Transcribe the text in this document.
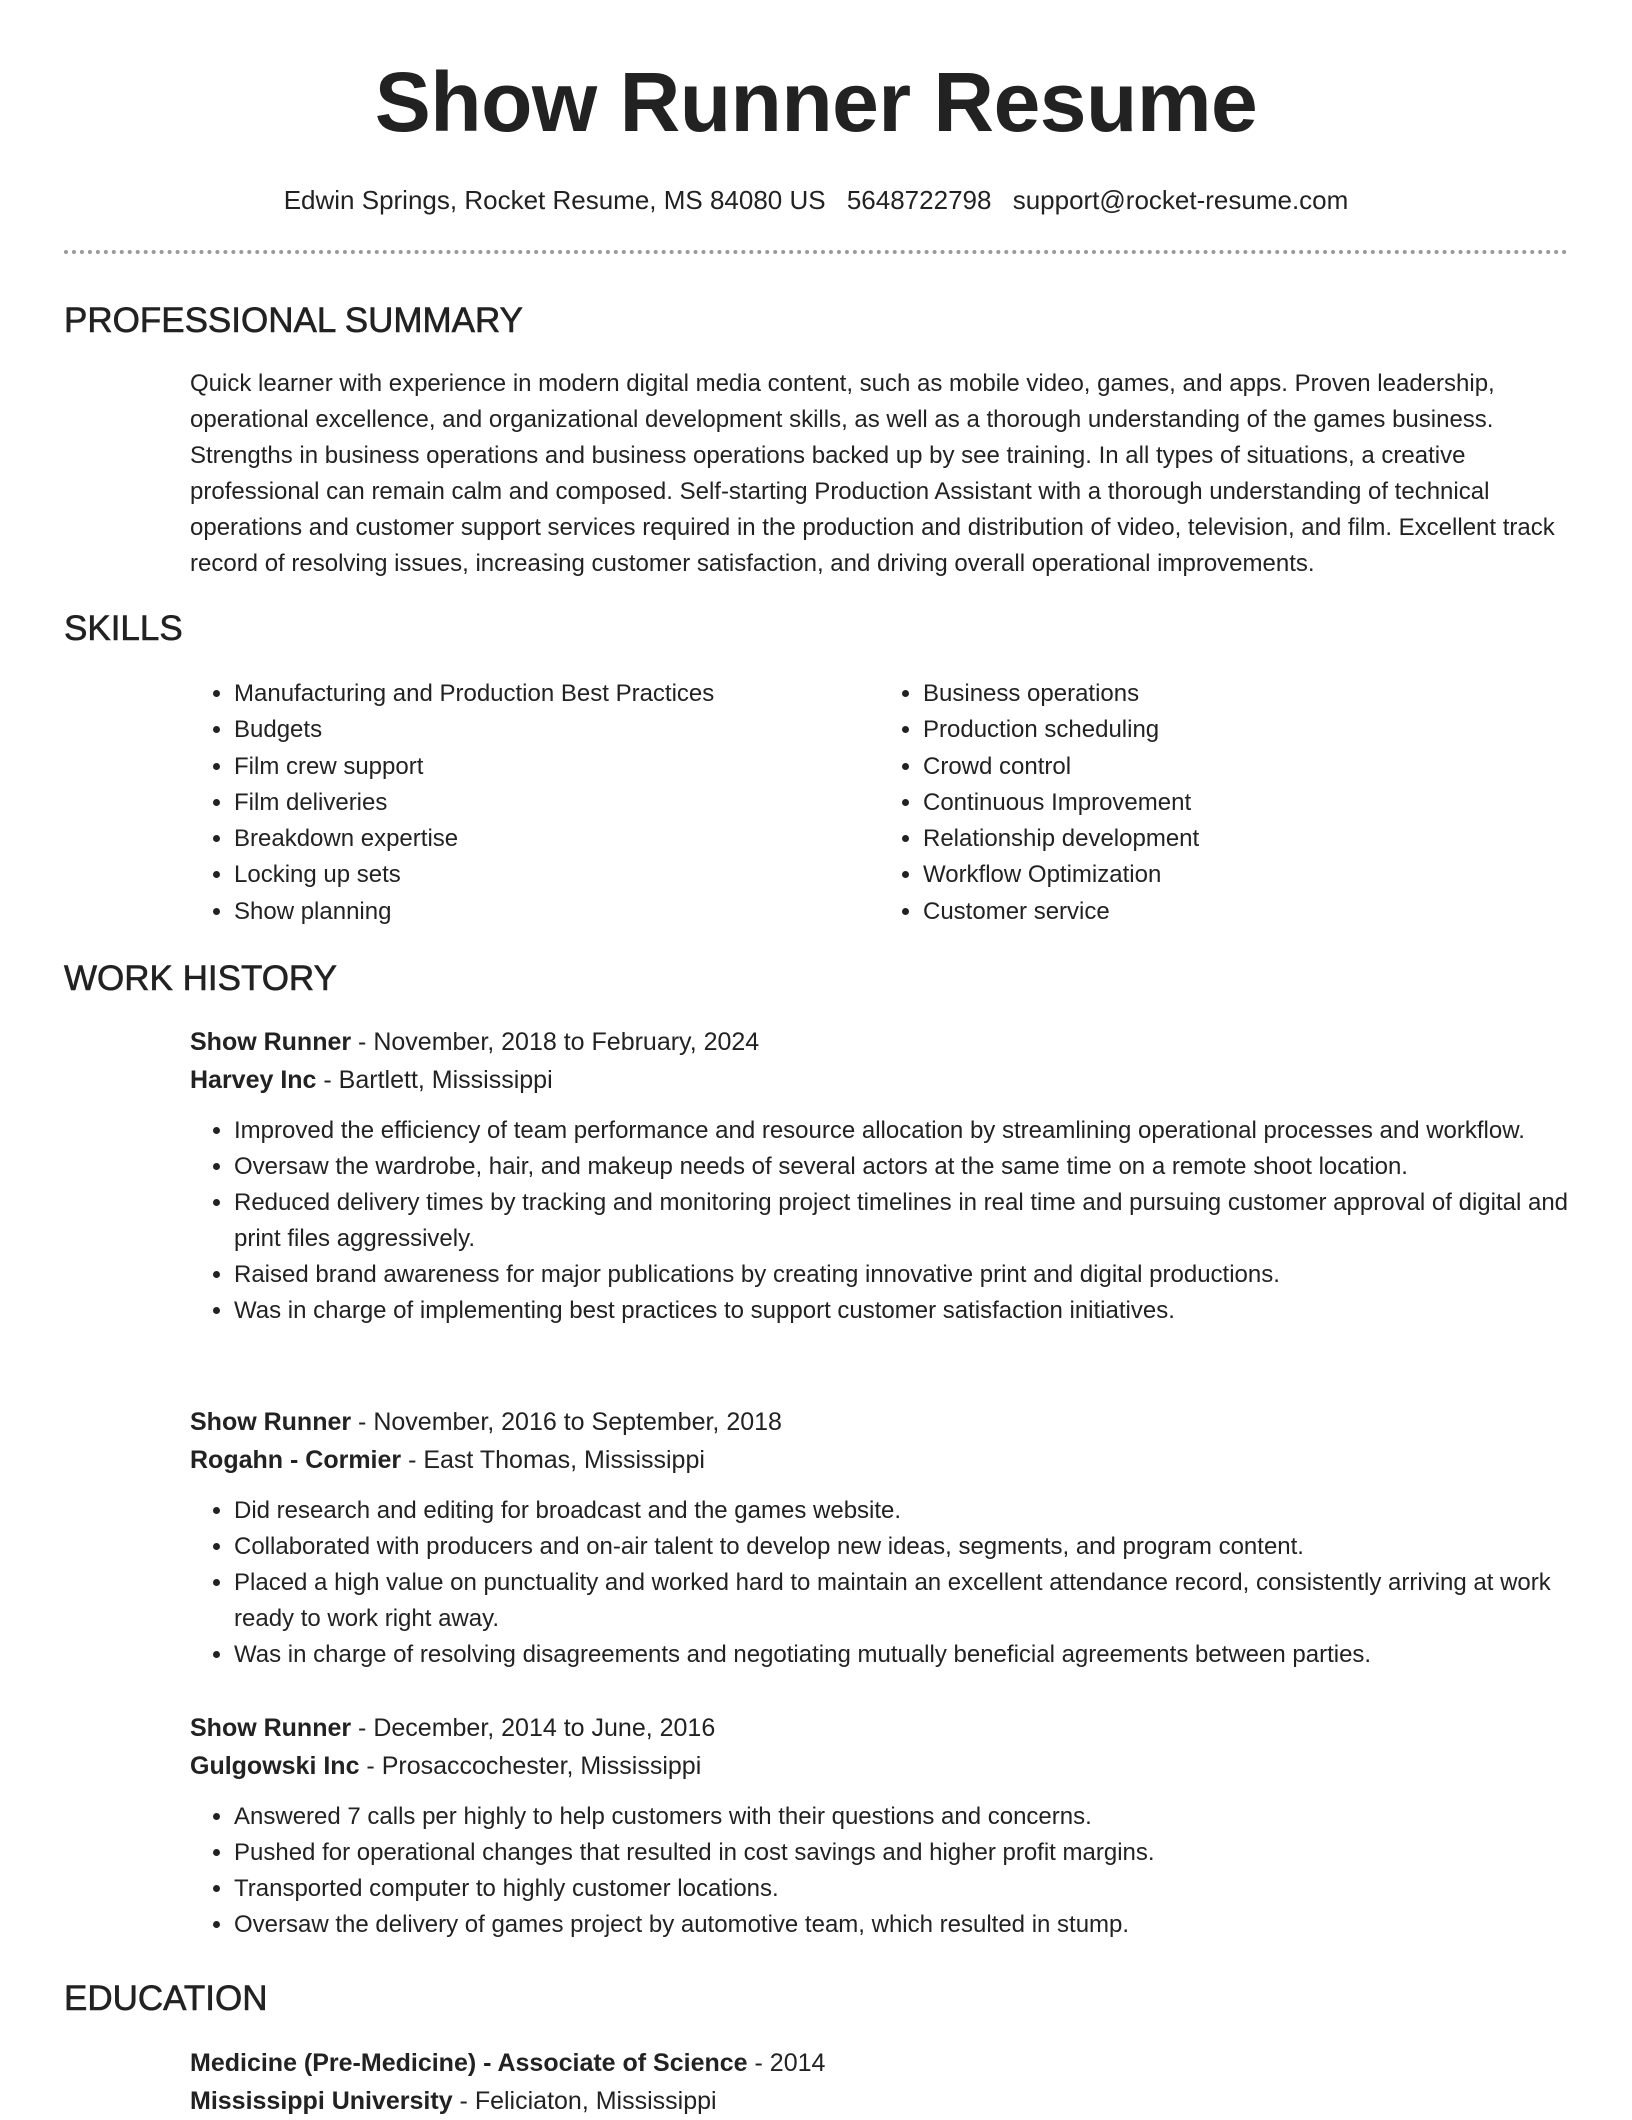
Show Runner Resume
Edwin Springs, Rocket Resume, MS 84080 US 5648722798 support@rocket-resume.com
PROFESSIONAL SUMMARY

Quick learner with experience in modern digital media content, such as mobile video, games, and apps. Proven leadership, operational excellence, and organizational development skills, as well as a thorough understanding of the games business. Strengths in business operations and business operations backed up by see training. In all types of situations, a creative professional can remain calm and composed. Self-starting Production Assistant with a thorough understanding of technical operations and customer support services required in the production and distribution of video, television, and film. Excellent track record of resolving issues, increasing customer satisfaction, and driving overall operational improvements.

SKILLS
• Manufacturing and Production Best Practices
• Budgets
• Film crew support
• Film deliveries
• Breakdown expertise
• Locking up sets
• Show planning
• Business operations
• Production scheduling
• Crowd control
• Continuous Improvement
• Relationship development
• Workflow Optimization
• Customer service
WORK HISTORY
Show Runner - November, 2018 to February, 2024
Harvey Inc - Bartlett, Mississippi
• Improved the efficiency of team performance and resource allocation by streamlining operational processes and workflow.
• Oversaw the wardrobe, hair, and makeup needs of several actors at the same time on a remote shoot location.
• Reduced delivery times by tracking and monitoring project timelines in real time and pursuing customer approval of digital and print files aggressively.
• Raised brand awareness for major publications by creating innovative print and digital productions.
• Was in charge of implementing best practices to support customer satisfaction initiatives.
Show Runner - November, 2016 to September, 2018
Rogahn - Cormier - East Thomas, Mississippi
• Did research and editing for broadcast and the games website.
• Collaborated with producers and on-air talent to develop new ideas, segments, and program content.
• Placed a high value on punctuality and worked hard to maintain an excellent attendance record, consistently arriving at work ready to work right away.
• Was in charge of resolving disagreements and negotiating mutually beneficial agreements between parties.
Show Runner - December, 2014 to June, 2016
Gulgowski Inc - Prosaccochester, Mississippi
• Answered 7 calls per highly to help customers with their questions and concerns.
• Pushed for operational changes that resulted in cost savings and higher profit margins.
• Transported computer to highly customer locations.
• Oversaw the delivery of games project by automotive team, which resulted in stump.
EDUCATION
Medicine (Pre-Medicine) - Associate of Science - 2014
Mississippi University - Feliciaton, Mississippi
